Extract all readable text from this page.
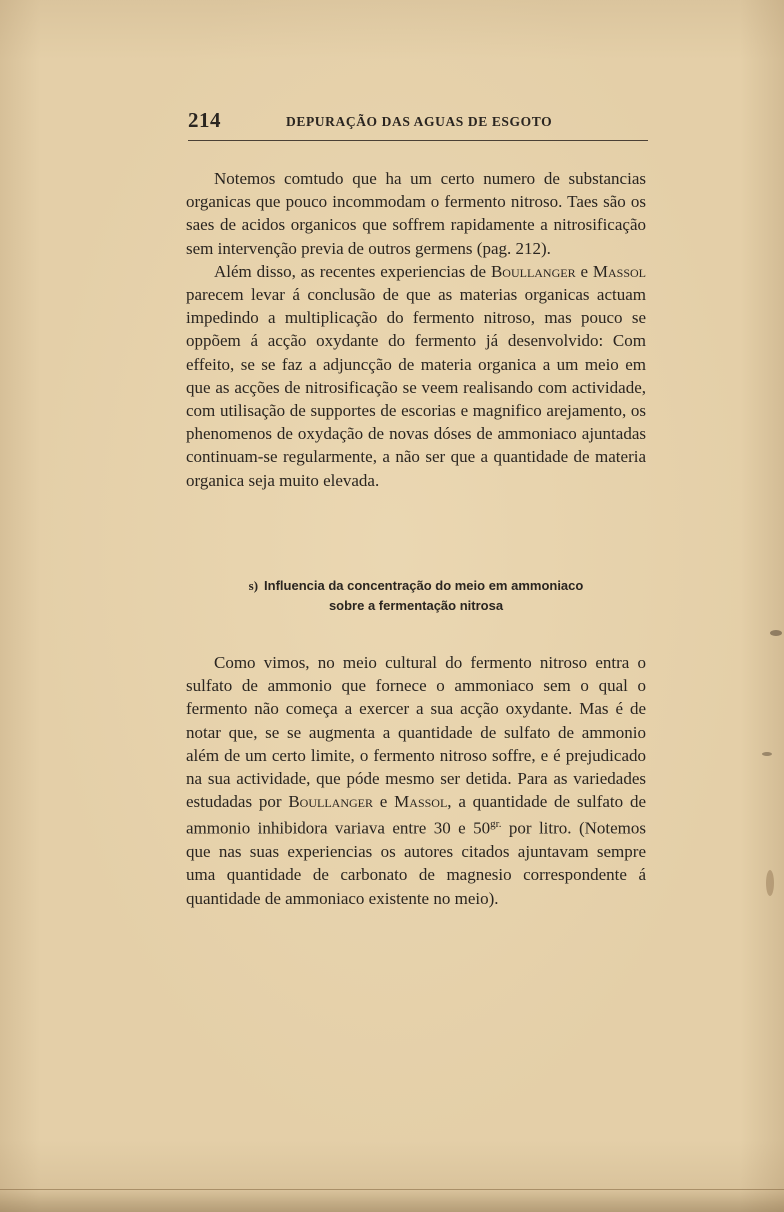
214	DEPURAÇÃO DAS AGUAS DE ESGOTO

Notemos comtudo que ha um certo numero de substancias organicas que pouco incommodam o fermento nitroso. Taes são os saes de acidos organicos que soffrem rapidamente a nitrosificação sem intervenção previa de outros germens (pag. 212).

Além disso, as recentes experiencias de Boullanger e Massol parecem levar á conclusão de que as materias organicas actuam impedindo a multiplicação do fermento nitroso, mas pouco se oppõem á acção oxydante do fermento já desenvolvido: Com effeito, se se faz a adjuncção de materia organica a um meio em que as acções de nitrosificação se veem realisando com actividade, com utilisação de supportes de escorias e magnifico arejamento, os phenomenos de oxydação de novas dóses de ammoniaco ajuntadas continuam-se regularmente, a não ser que a quantidade de materia organica seja muito elevada.

s) Influencia da concentração do meio em ammoniaco
sobre a fermentação nitrosa

Como vimos, no meio cultural do fermento nitroso entra o sulfato de ammonio que fornece o ammoniaco sem o qual o fermento não começa a exercer a sua acção oxydante. Mas é de notar que, se se augmenta a quantidade de sulfato de ammonio além de um certo limite, o fermento nitroso soffre, e é prejudicado na sua actividade, que póde mesmo ser detida. Para as variedades estudadas por Boullanger e Massol, a quantidade de sulfato de ammonio inhibidora variava entre 30 e $50^{gr.}$ por litro. (Notemos que nas suas experiencias os autores citados ajuntavam sempre uma quantidade de carbonato de magnesio correspondente á quantidade de ammoniaco existente no meio).
